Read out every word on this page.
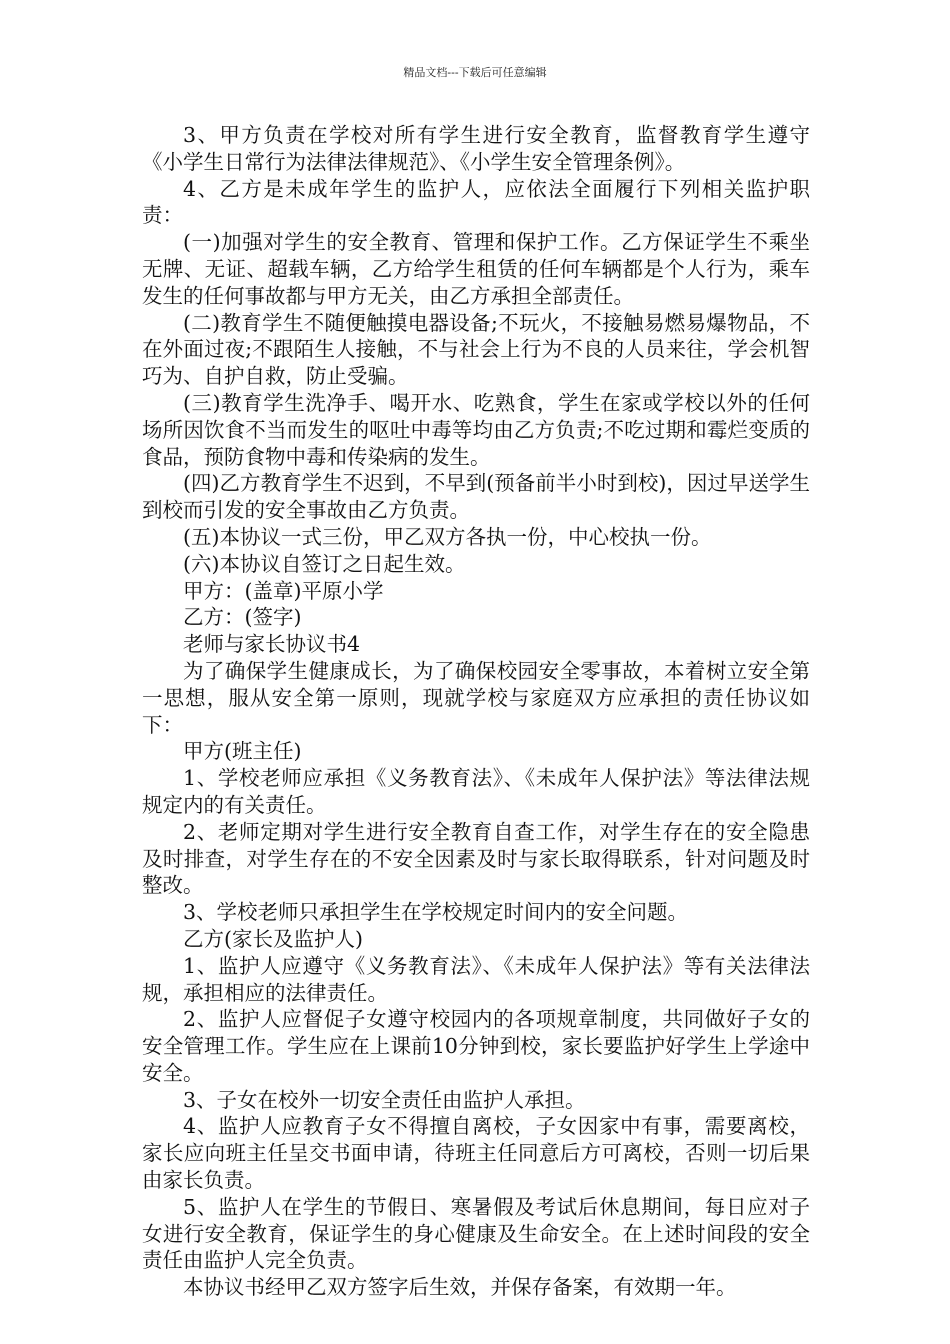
精品文档---下载后可任意编辑

3、甲方负责在学校对所有学生进行安全教育，监督教育学生遵守《小学生日常行为法律法律规范》、《小学生安全管理条例》。

4、乙方是未成年学生的监护人，应依法全面履行下列相关监护职责：

(一)加强对学生的安全教育、管理和保护工作。乙方保证学生不乘坐无牌、无证、超载车辆，乙方给学生租赁的任何车辆都是个人行为，乘车发生的任何事故都与甲方无关，由乙方承担全部责任。

(二)教育学生不随便触摸电器设备;不玩火，不接触易燃易爆物品，不在外面过夜;不跟陌生人接触，不与社会上行为不良的人员来往，学会机智巧为、自护自救，防止受骗。

(三)教育学生洗净手、喝开水、吃熟食，学生在家或学校以外的任何场所因饮食不当而发生的呕吐中毒等均由乙方负责;不吃过期和霉烂变质的食品，预防食物中毒和传染病的发生。

(四)乙方教育学生不迟到，不早到(预备前半小时到校)，因过早送学生到校而引发的安全事故由乙方负责。

(五)本协议一式三份，甲乙双方各执一份，中心校执一份。

(六)本协议自签订之日起生效。

甲方：(盖章)平原小学

乙方：(签字)

老师与家长协议书4

为了确保学生健康成长，为了确保校园安全零事故，本着树立安全第一思想，服从安全第一原则，现就学校与家庭双方应承担的责任协议如下：

甲方(班主任)

1、学校老师应承担《义务教育法》、《未成年人保护法》等法律法规规定内的有关责任。

2、老师定期对学生进行安全教育自查工作，对学生存在的安全隐患及时排查，对学生存在的不安全因素及时与家长取得联系，针对问题及时整改。

3、学校老师只承担学生在学校规定时间内的安全问题。

乙方(家长及监护人)

1、监护人应遵守《义务教育法》、《未成年人保护法》等有关法律法规，承担相应的法律责任。

2、监护人应督促子女遵守校园内的各项规章制度，共同做好子女的安全管理工作。学生应在上课前10分钟到校，家长要监护好学生上学途中安全。

3、子女在校外一切安全责任由监护人承担。

4、监护人应教育子女不得擅自离校，子女因家中有事，需要离校，家长应向班主任呈交书面申请，待班主任同意后方可离校，否则一切后果由家长负责。

5、监护人在学生的节假日、寒暑假及考试后休息期间，每日应对子女进行安全教育，保证学生的身心健康及生命安全。在上述时间段的安全责任由监护人完全负责。

本协议书经甲乙双方签字后生效，并保存备案，有效期一年。
